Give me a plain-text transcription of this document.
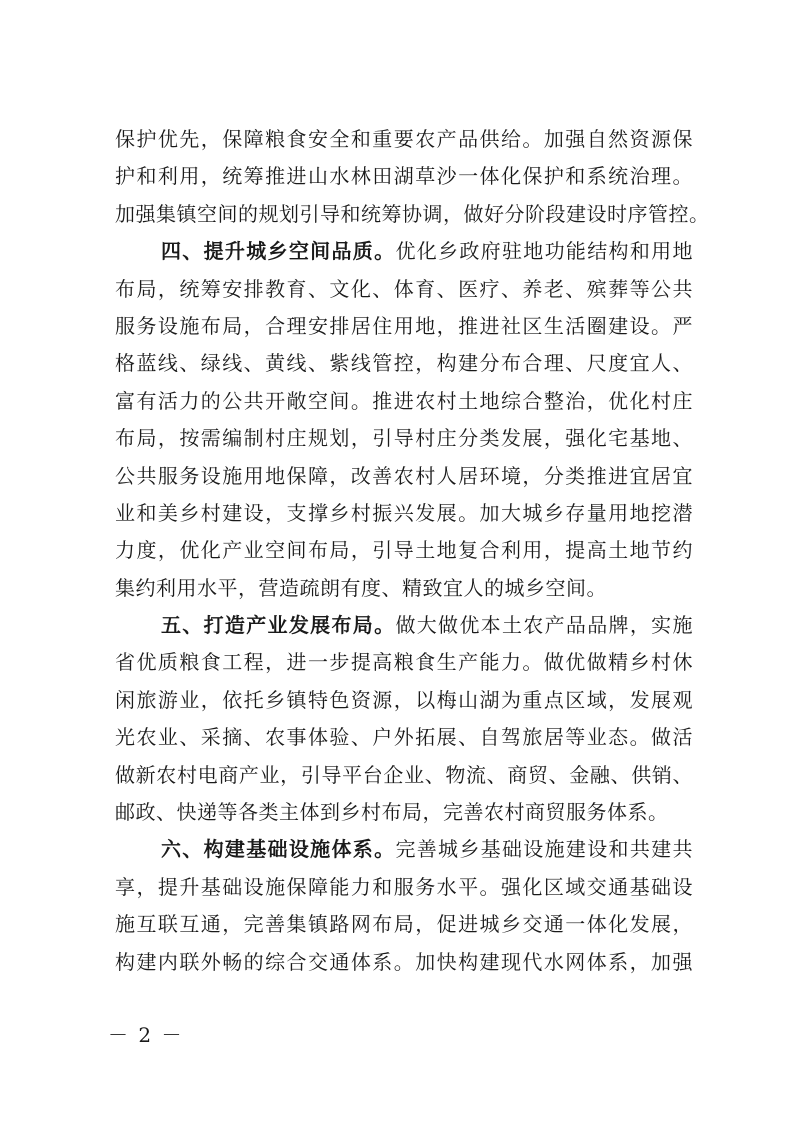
保护优先，保障粮食安全和重要农产品供给。加强自然资源保
护和利用，统筹推进山水林田湖草沙一体化保护和系统治理。
加强集镇空间的规划引导和统筹协调，做好分阶段建设时序管控。
四、提升城乡空间品质。优化乡政府驻地功能结构和用地
布局，统筹安排教育、文化、体育、医疗、养老、殡葬等公共
服务设施布局，合理安排居住用地，推进社区生活圈建设。严
格蓝线、绿线、黄线、紫线管控，构建分布合理、尺度宜人、
富有活力的公共开敞空间。推进农村土地综合整治，优化村庄
布局，按需编制村庄规划，引导村庄分类发展，强化宅基地、
公共服务设施用地保障，改善农村人居环境，分类推进宜居宜
业和美乡村建设，支撑乡村振兴发展。加大城乡存量用地挖潜
力度，优化产业空间布局，引导土地复合利用，提高土地节约
集约利用水平，营造疏朗有度、精致宜人的城乡空间。
五、打造产业发展布局。做大做优本土农产品品牌，实施
省优质粮食工程，进一步提高粮食生产能力。做优做精乡村休
闲旅游业，依托乡镇特色资源，以梅山湖为重点区域，发展观
光农业、采摘、农事体验、户外拓展、自驾旅居等业态。做活
做新农村电商产业，引导平台企业、物流、商贸、金融、供销、
邮政、快递等各类主体到乡村布局，完善农村商贸服务体系。
六、构建基础设施体系。完善城乡基础设施建设和共建共
享，提升基础设施保障能力和服务水平。强化区域交通基础设
施互联互通，完善集镇路网布局，促进城乡交通一体化发展，
构建内联外畅的综合交通体系。加快构建现代水网体系，加强
－ 2 －
